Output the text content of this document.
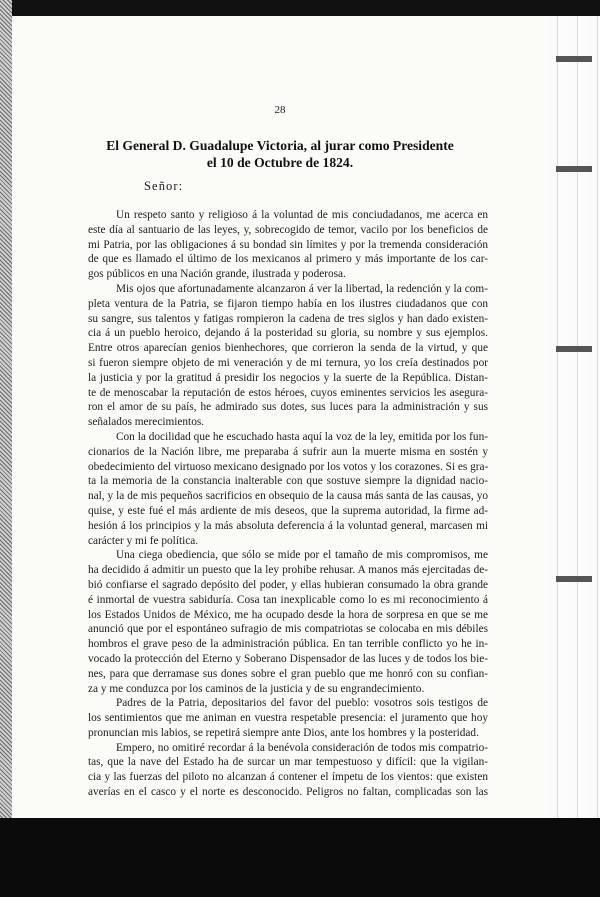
28
El General D. Guadalupe Victoria, al jurar como Presidente
el 10 de Octubre de 1824.
Señor:
Un respeto santo y religioso á la voluntad de mis conciudadanos, me acerca en
este día al santuario de las leyes, y, sobrecogido de temor, vacilo por los beneficios de
mi Patria, por las obligaciones á su bondad sin límites y por la tremenda consideración
de que es llamado el último de los mexicanos al primero y más importante de los car-
gos públicos en una Nación grande, ilustrada y poderosa.
Mis ojos que afortunadamente alcanzaron á ver la libertad, la redención y la com-
pleta ventura de la Patria, se fijaron tiempo había en los ilustres ciudadanos que con
su sangre, sus talentos y fatigas rompieron la cadena de tres siglos y han dado existen-
cia á un pueblo heroico, dejando á la posteridad su gloria, su nombre y sus ejemplos.
Entre otros aparecían genios bienhechores, que corrieron la senda de la virtud, y que
si fueron siempre objeto de mi veneración y de mi ternura, yo los creía destinados por
la justicia y por la gratitud á presidir los negocios y la suerte de la República. Distan-
te de menoscabar la reputación de estos héroes, cuyos eminentes servicios les asegura-
ron el amor de su país, he admirado sus dotes, sus luces para la administración y sus
señalados merecimientos.
Con la docilidad que he escuchado hasta aquí la voz de la ley, emitida por los fun-
cionarios de la Nación libre, me preparaba á sufrir aun la muerte misma en sostén y
obedecimiento del virtuoso mexicano designado por los votos y los corazones. Si es gra-
ta la memoria de la constancia inalterable con que sostuve siempre la dignidad nacio-
nal, y la de mis pequeños sacrificios en obsequio de la causa más santa de las causas, yo
quise, y este fué el más ardiente de mis deseos, que la suprema autoridad, la firme ad-
hesión á los principios y la más absoluta deferencia á la voluntad general, marcasen mi
carácter y mi fe política.
Una ciega obediencia, que sólo se mide por el tamaño de mis compromisos, me
ha decidido á admitir un puesto que la ley prohibe rehusar. A manos más ejercitadas de-
bió confiarse el sagrado depósito del poder, y ellas hubieran consumado la obra grande
é inmortal de vuestra sabiduría. Cosa tan inexplicable como lo es mi reconocimiento á
los Estados Unidos de México, me ha ocupado desde la hora de sorpresa en que se me
anunció que por el espontáneo sufragio de mis compatriotas se colocaba en mis débiles
hombros el grave peso de la administración pública. En tan terrible conflicto yo he in-
vocado la protección del Eterno y Soberano Dispensador de las luces y de todos los bie-
nes, para que derramase sus dones sobre el gran pueblo que me honró con su confian-
za y me conduzca por los caminos de la justicia y de su engrandecimiento.
Padres de la Patria, depositarios del favor del pueblo: vosotros sois testigos de
los sentimientos que me animan en vuestra respetable presencia: el juramento que hoy
pronuncian mis labios, se repetirá siempre ante Dios, ante los hombres y la posteridad.
Empero, no omitiré recordar á la benévola consideración de todos mis compatrio-
tas, que la nave del Estado ha de surcar un mar tempestuoso y difícil: que la vigilan-
cia y las fuerzas del piloto no alcanzan á contener el ímpetu de los vientos: que existen
averías en el casco y el norte es desconocido. Peligros no faltan, complicadas son las
